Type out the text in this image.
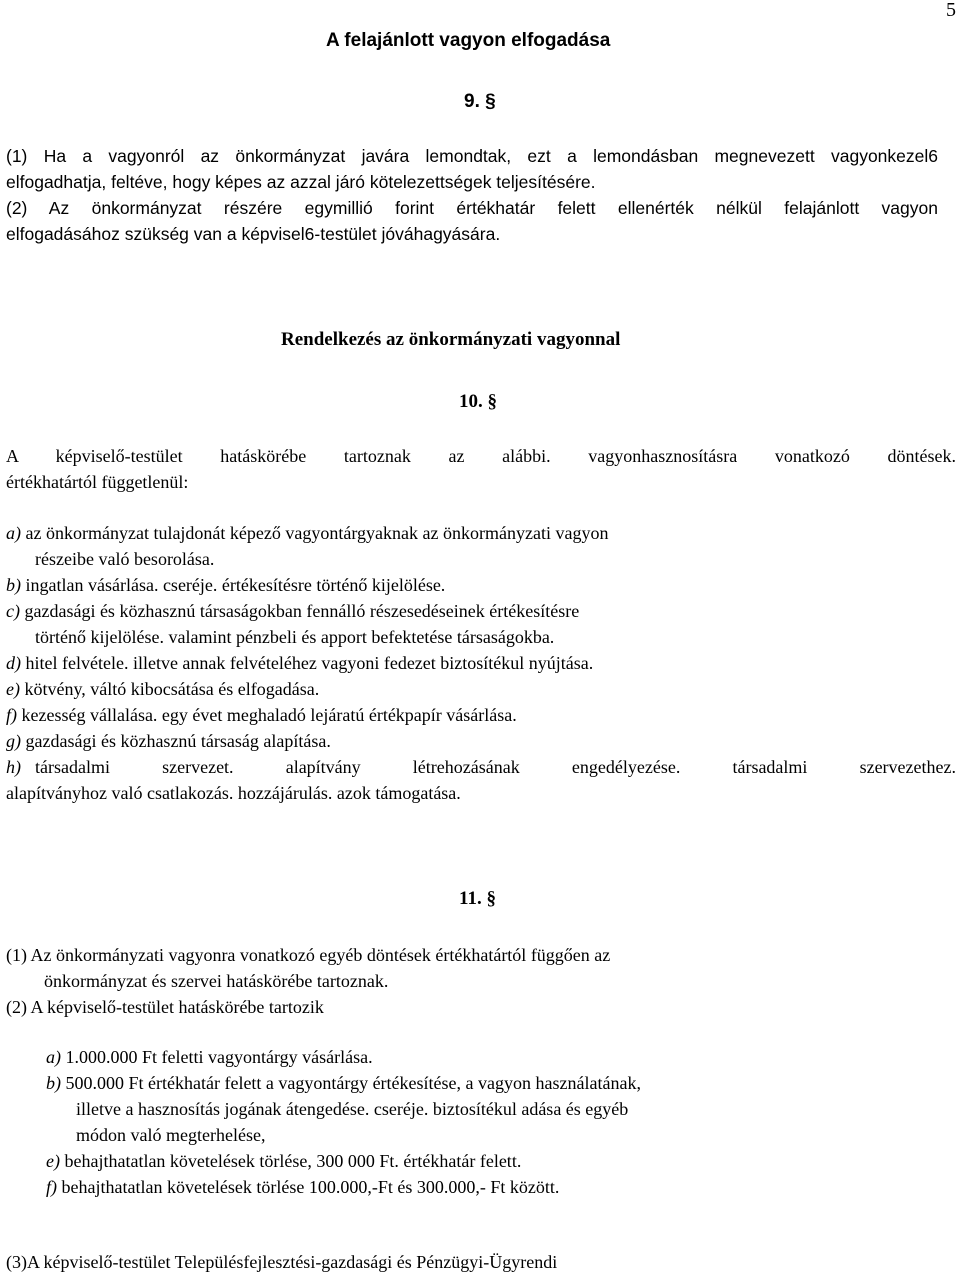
5
A felajánlott vagyon elfogadása
9. §
(1) Ha a vagyonról az önkormányzat javára lemondtak, ezt a lemondásban megnevezett vagyonkezel6
elfogadhatja, feltéve, hogy képes az azzal járó kötelezettségek teljesítésére.
(2) Az önkormányzat részére egymillió forint értékhatár felett ellenérték nélkül felajánlott vagyon
elfogadásához szükség van a képvisel6-testület jóváhagyására.
Rendelkezés az önkormányzati vagyonnal
10. §
A képviselő-testület hatáskörébe tartoznak az alábbi. vagyonhasznosításra vonatkozó döntések.
értékhatártól függetlenül:
a) az önkormányzat tulajdonát képező vagyontárgyaknak az önkormányzati vagyon
részeibe való besorolása.
b) ingatlan vásárlása. cseréje. értékesítésre történő kijelölése.
c) gazdasági és közhasznú társaságokban fennálló részesedéseinek értékesítésre
történő kijelölése. valamint pénzbeli és apport befektetése társaságokba.
d) hitel felvétele. illetve annak felvételéhez vagyoni fedezet biztosítékul nyújtása.
e) kötvény, váltó kibocsátása és elfogadása.
f) kezesség vállalása. egy évet meghaladó lejáratú értékpapír vásárlása.
g) gazdasági és közhasznú társaság alapítása.
h) társadalmi szervezet. alapítvány létrehozásának engedélyezése. társadalmi szervezethez.
alapítványhoz való csatlakozás. hozzájárulás. azok támogatása.
11. §
(1) Az önkormányzati vagyonra vonatkozó egyéb döntések értékhatártól függően az
önkormányzat és szervei hatáskörébe tartoznak.
(2) A képviselő-testület hatáskörébe tartozik
a) 1.000.000 Ft feletti vagyontárgy vásárlása.
b) 500.000 Ft értékhatár felett a vagyontárgy értékesítése, a vagyon használatának,
illetve a hasznosítás jogának átengedése. cseréje. biztosítékul adása és egyéb
módon való megterhelése,
e) behajthatatlan követelések törlése, 300 000 Ft. értékhatár felett.
f) behajthatatlan követelések törlése 100.000,-Ft és 300.000,- Ft között.
(3)A képviselő-testület Településfejlesztési-gazdasági és Pénzügyi-Ügyrendi
